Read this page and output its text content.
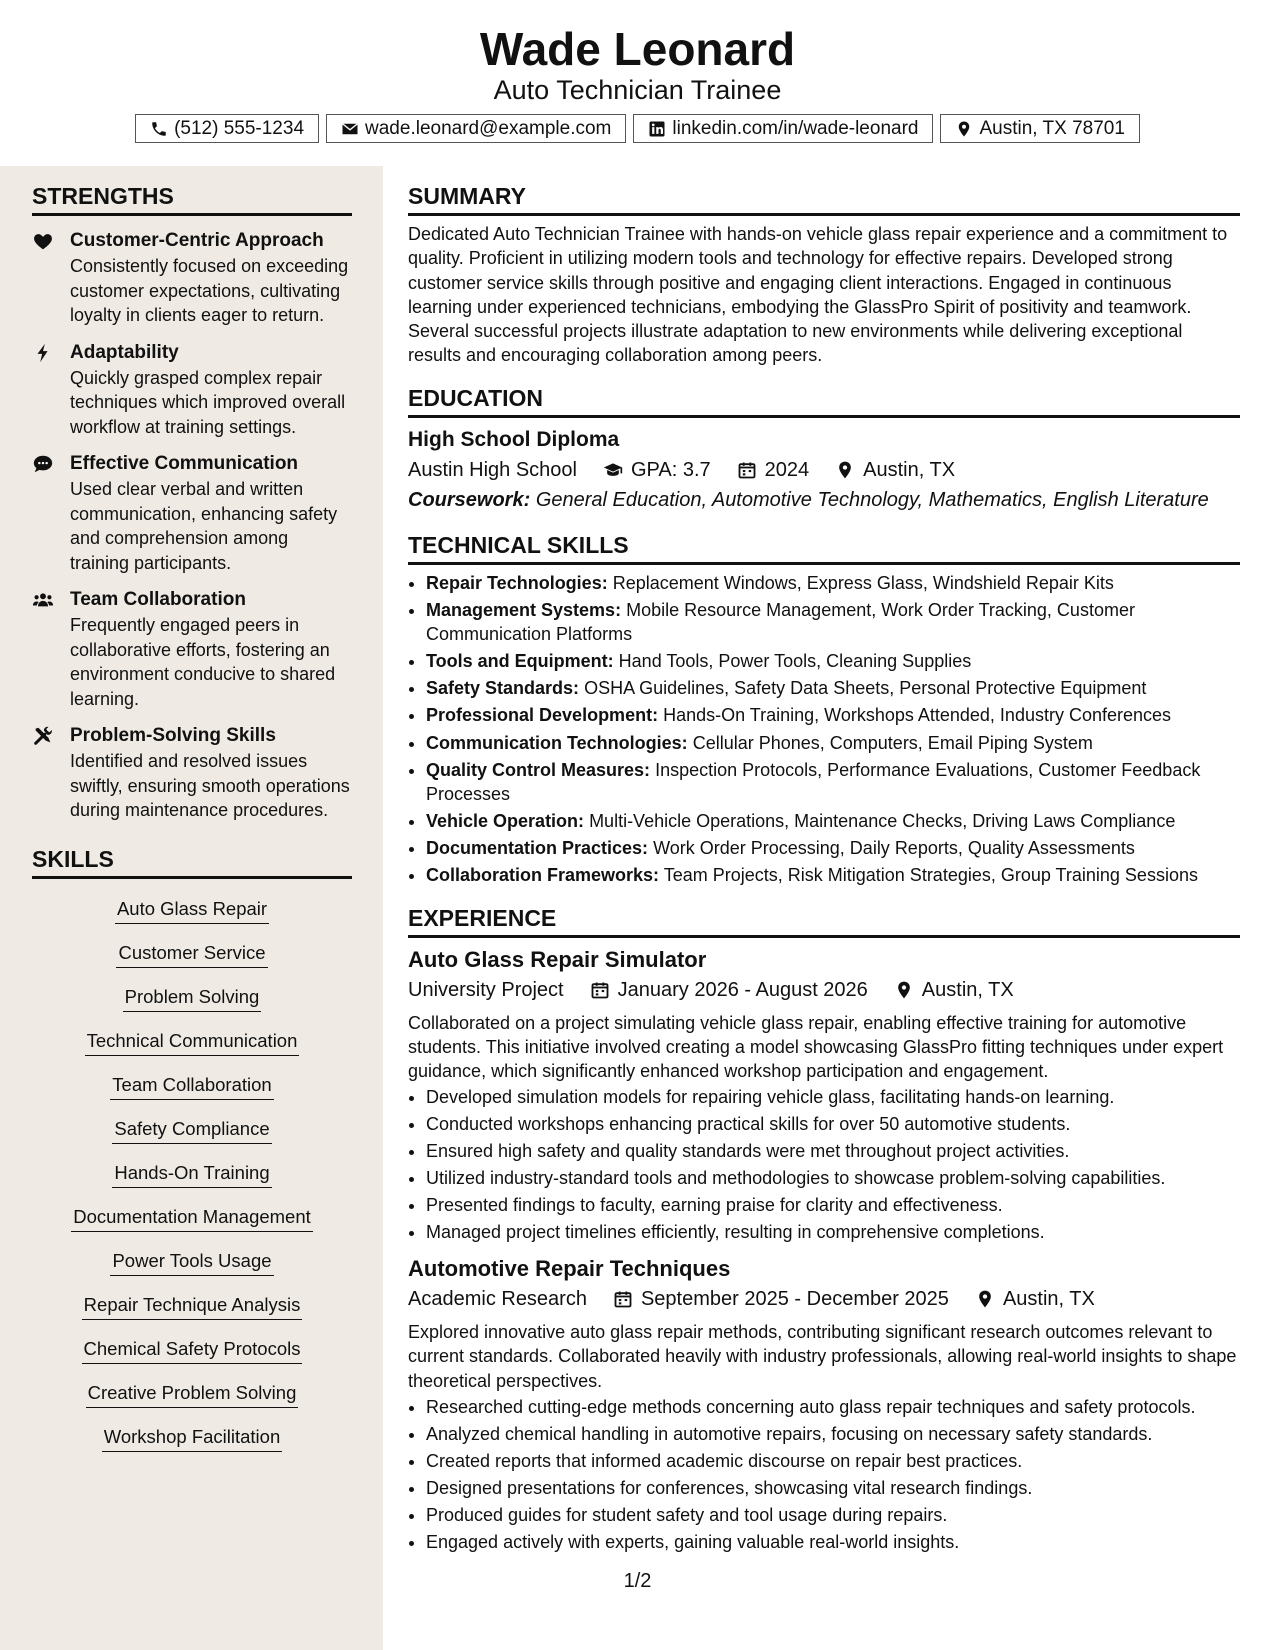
Wade Leonard
Auto Technician Trainee
(512) 555-1234	wade.leonard@example.com	linkedin.com/in/wade-leonard	Austin, TX 78701
STRENGTHS
Customer-Centric Approach
Consistently focused on exceeding customer expectations, cultivating loyalty in clients eager to return.
Adaptability
Quickly grasped complex repair techniques which improved overall workflow at training settings.
Effective Communication
Used clear verbal and written communication, enhancing safety and comprehension among training participants.
Team Collaboration
Frequently engaged peers in collaborative efforts, fostering an environment conducive to shared learning.
Problem-Solving Skills
Identified and resolved issues swiftly, ensuring smooth operations during maintenance procedures.
SKILLS
Auto Glass Repair
Customer ServiceProblem Solving
Technical Communication
Team Collaboration
Safety Compliance
Hands-On Training
Documentation Management
Power Tools Usage
Repair Technique Analysis
Chemical Safety Protocols
Creative Problem Solving
Workshop Facilitation
SUMMARY
Dedicated Auto Technician Trainee with hands-on vehicle glass repair experience and a commitment to quality. Proficient in utilizing modern tools and technology for effective repairs. Developed strong customer service skills through positive and engaging client interactions. Engaged in continuous learning under experienced technicians, embodying the GlassPro Spirit of positivity and teamwork. Several successful projects illustrate adaptation to new environments while delivering exceptional results and encouraging collaboration among peers.
EDUCATION
High School Diploma
Austin High School	GPA: 3.7	2024	Austin, TX
Coursework: General Education, Automotive Technology, Mathematics, English Literature
TECHNICAL SKILLS
• Repair Technologies: Replacement Windows, Express Glass, Windshield Repair Kits
• Management Systems: Mobile Resource Management, Work Order Tracking, Customer Communication Platforms
• Tools and Equipment: Hand Tools, Power Tools, Cleaning Supplies
• Safety Standards: OSHA Guidelines, Safety Data Sheets, Personal Protective Equipment
• Professional Development: Hands-On Training, Workshops Attended, Industry Conferences
• Communication Technologies: Cellular Phones, Computers, Email Piping System
• Quality Control Measures: Inspection Protocols, Performance Evaluations, Customer Feedback Processes
• Vehicle Operation: Multi-Vehicle Operations, Maintenance Checks, Driving Laws Compliance
• Documentation Practices: Work Order Processing, Daily Reports, Quality Assessments
• Collaboration Frameworks: Team Projects, Risk Mitigation Strategies, Group Training Sessions
EXPERIENCE
Auto Glass Repair Simulator
University Project	January 2026 - August 2026	Austin, TX
Collaborated on a project simulating vehicle glass repair, enabling effective training for automotive students. This initiative involved creating a model showcasing GlassPro fitting techniques under expert guidance, which significantly enhanced workshop participation and engagement.
• Developed simulation models for repairing vehicle glass, facilitating hands-on learning.
• Conducted workshops enhancing practical skills for over 50 automotive students.
• Ensured high safety and quality standards were met throughout project activities.
• Utilized industry-standard tools and methodologies to showcase problem-solving capabilities.
• Presented findings to faculty, earning praise for clarity and effectiveness.
• Managed project timelines efficiently, resulting in comprehensive completions.
Automotive Repair Techniques
Academic Research	September 2025 - December 2025	Austin, TX
Explored innovative auto glass repair methods, contributing significant research outcomes relevant to current standards. Collaborated heavily with industry professionals, allowing real-world insights to shape theoretical perspectives.
• Researched cutting-edge methods concerning auto glass repair techniques and safety protocols.
• Analyzed chemical handling in automotive repairs, focusing on necessary safety standards.
• Created reports that informed academic discourse on repair best practices.
• Designed presentations for conferences, showcasing vital research findings.
• Produced guides for student safety and tool usage during repairs.
• Engaged actively with experts, gaining valuable real-world insights.
1/2
